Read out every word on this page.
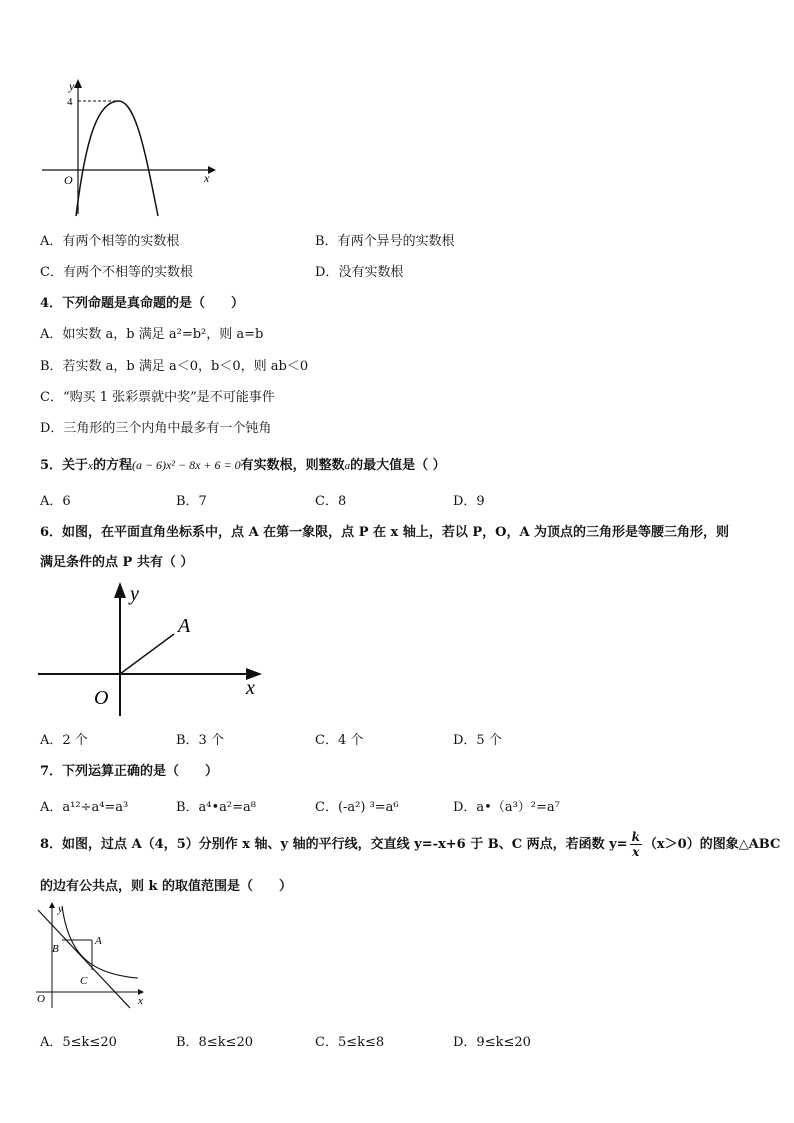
y
x
O
4
A．有两个相等的实数根	B．有两个异号的实数根
C．有两个不相等的实数根	D．没有实数根
4．下列命题是真命题的是（　　）
A．如实数 a，b 满足 a²=b²，则 a=b
B．若实数 a，b 满足 a＜0，b＜0，则 ab＜0
C．“购买 1 张彩票就中奖”是不可能事件
D．三角形的三个内角中最多有一个钝角
5．关于x的方程(a − 6)x² − 8x + 6 = 0有实数根，则整数a的最大值是（ ）
A．6	B．7	C．8	D．9
6．如图，在平面直角坐标系中，点 A 在第一象限，点 P 在 x 轴上，若以 P，O，A 为顶点的三角形是等腰三角形，则
满足条件的点 P 共有（ ）
y
A
O	x
A．2 个	B．3 个	C．4 个	D．5 个
7．下列运算正确的是（　　）
A．a¹²÷a⁴=a³	B．a⁴•a²=a⁸	C．(-a²) ³=a⁶	D．a•（a³）²=a⁷
8．如图，过点 A（4，5）分别作 x 轴、y 轴的平行线，交直线 y=-x+6 于 B、C 两点，若函数 $y= \frac{k}{x} (x>0)$的图象△ABC
的边有公共点，则 k 的取值范围是（　　）
y
A
B
C
O	x
A．5≤k≤20	B．8≤k≤20	C．5≤k≤8	D．9≤k≤20
